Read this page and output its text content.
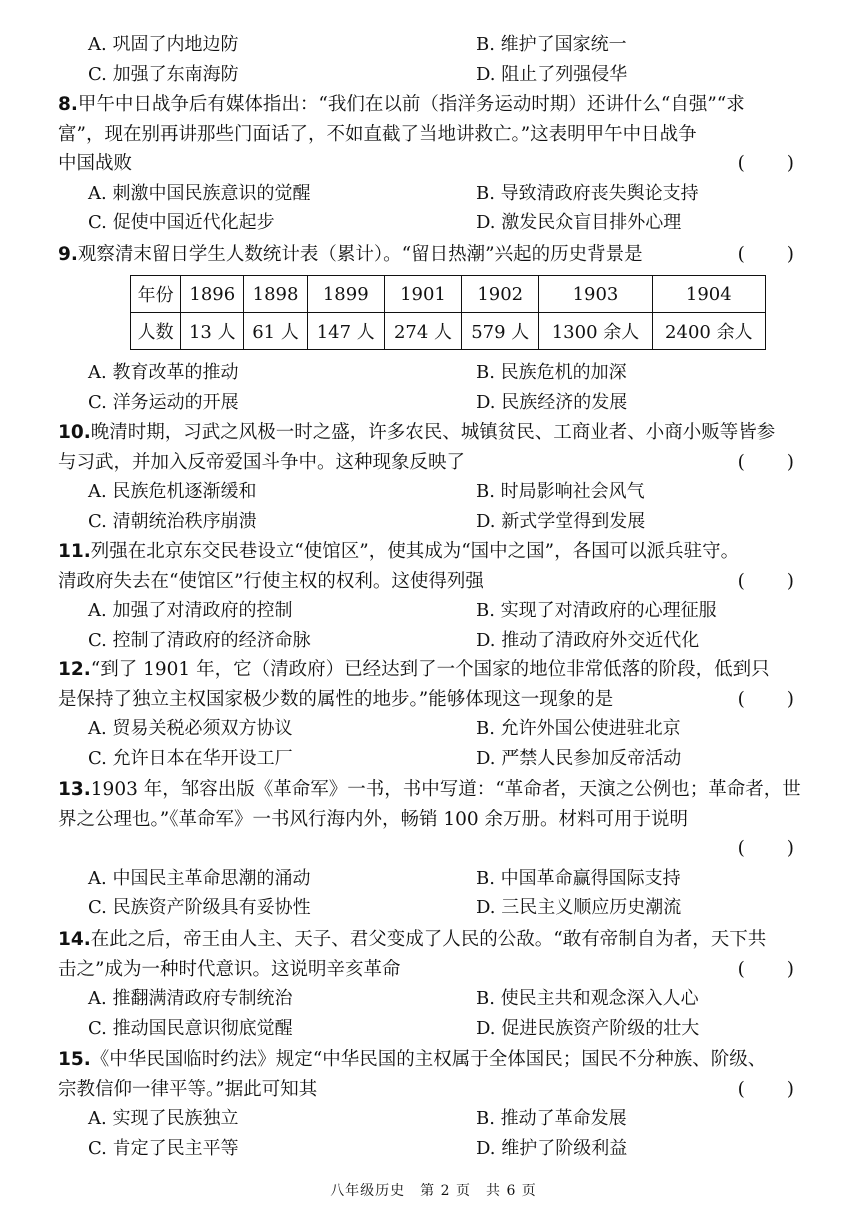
A. 巩固了内地边防	B. 维护了国家统一
C. 加强了东南海防	D. 阻止了列强侵华

8.甲午中日战争后有媒体指出：“我们在以前（指洋务运动时期）还讲什么“自强”“求

富”，现在别再讲那些门面话了，不如直截了当地讲救亡。”这表明甲午中日战争

中国战败	( )

A. 刺激中国民族意识的觉醒	B. 导致清政府丧失舆论支持
C. 促使中国近代化起步	D. 激发民众盲目排外心理

9.观察清末留日学生人数统计表（累计）。“留日热潮”兴起的历史背景是	( )

年份	1896	1898	1899	1901	1902	1903	1904
人数	13 人	61 人	147 人	274 人	579 人	1300 余人	2400 余人
A. 教育改革的推动	B. 民族危机的加深
C. 洋务运动的开展	D. 民族经济的发展

10.晚清时期，习武之风极一时之盛，许多农民、城镇贫民、工商业者、小商小贩等皆参

与习武，并加入反帝爱国斗争中。这种现象反映了	( )

A. 民族危机逐渐缓和	B. 时局影响社会风气
C. 清朝统治秩序崩溃	D. 新式学堂得到发展

11.列强在北京东交民巷设立“使馆区”，使其成为“国中之国”，各国可以派兵驻守。

清政府失去在“使馆区”行使主权的权利。这使得列强	( )

A. 加强了对清政府的控制	B. 实现了对清政府的心理征服
C. 控制了清政府的经济命脉	D. 推动了清政府外交近代化

12.“到了 1901 年，它（清政府）已经达到了一个国家的地位非常低落的阶段，低到只

是保持了独立主权国家极少数的属性的地步。”能够体现这一现象的是	( )

A. 贸易关税必须双方协议	B. 允许外国公使进驻北京
C. 允许日本在华开设工厂	D. 严禁人民参加反帝活动

13.1903 年，邹容出版《革命军》一书，书中写道：“革命者，天演之公例也；革命者，世

界之公理也。”《革命军》一书风行海内外，畅销 100 余万册。材料可用于说明

( )

A. 中国民主革命思潮的涌动	B. 中国革命赢得国际支持
C. 民族资产阶级具有妥协性	D. 三民主义顺应历史潮流

14.在此之后，帝王由人主、天子、君父变成了人民的公敌。“敢有帝制自为者，天下共

击之”成为一种时代意识。这说明辛亥革命	( )

A. 推翻满清政府专制统治	B. 使民主共和观念深入人心
C. 推动国民意识彻底觉醒	D. 促进民族资产阶级的壮大

15.《中华民国临时约法》规定“中华民国的主权属于全体国民；国民不分种族、阶级、

宗教信仰一律平等。”据此可知其	( )

A. 实现了民族独立	B. 推动了革命发展
C. 肯定了民主平等	D. 维护了阶级利益
八年级历史　第 2 页　共 6 页
